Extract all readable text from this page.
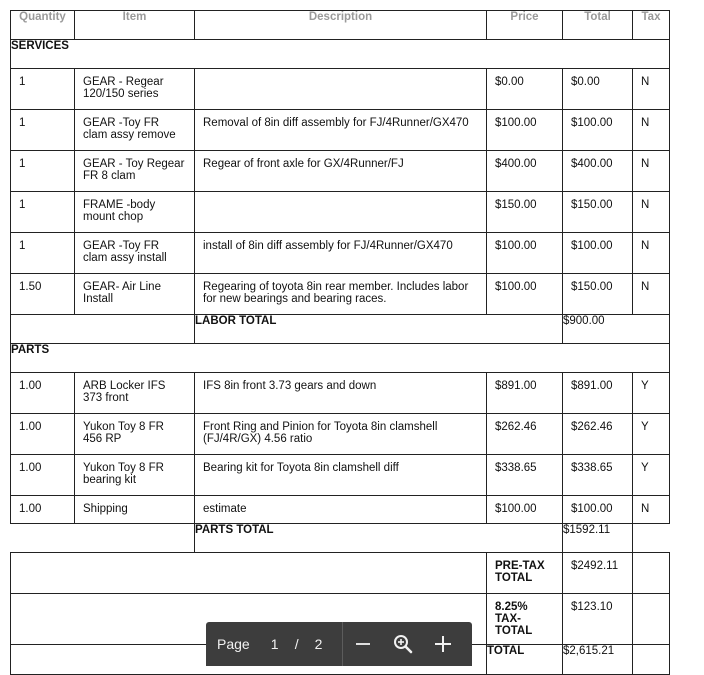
Quantity	Item	Description	Price	Total	Tax
SERVICES					

1	GEAR - Regear 120/150 series		$0.00	$0.00	N

1	GEAR -Toy FR clam assy remove	Removal of 8in diff assembly for FJ/4Runner/GX470	$100.00	$100.00	N

1	GEAR - Toy Regear FR 8 clam	Regear of front axle for GX/4Runner/FJ	$400.00	$400.00	N

1	FRAME -body mount chop		$150.00	$150.00	N

1	GEAR -Toy FR clam assy install	install of 8in diff assembly for FJ/4Runner/GX470	$100.00	$100.00	N

1.50	GEAR- Air Line Install	Regearing of toyota 8in rear member. Includes labor for new bearings and bearing races.	$100.00	$150.00	N

		LABOR TOTAL		$900.00	
PARTS					

1.00	ARB Locker IFS 373 front	IFS 8in front 3.73 gears and down	$891.00	$891.00	Y

1.00	Yukon Toy 8 FR 456 RP	Front Ring and Pinion for Toyota 8in clamshell (FJ/4R/GX) 4.56 ratio	$262.46	$262.46	Y

1.00	Yukon Toy 8 FR bearing kit	Bearing kit for Toyota 8in clamshell diff	$338.65	$338.65	Y

1.00	Shipping	estimate	$100.00	$100.00	N

		PARTS TOTAL		$1592.11	

			PRE-TAX TOTAL	$2492.11	

			8.25% TAX- TOTAL	$123.10	

			TOTAL	$2,615.21	
Page 1 / 2
